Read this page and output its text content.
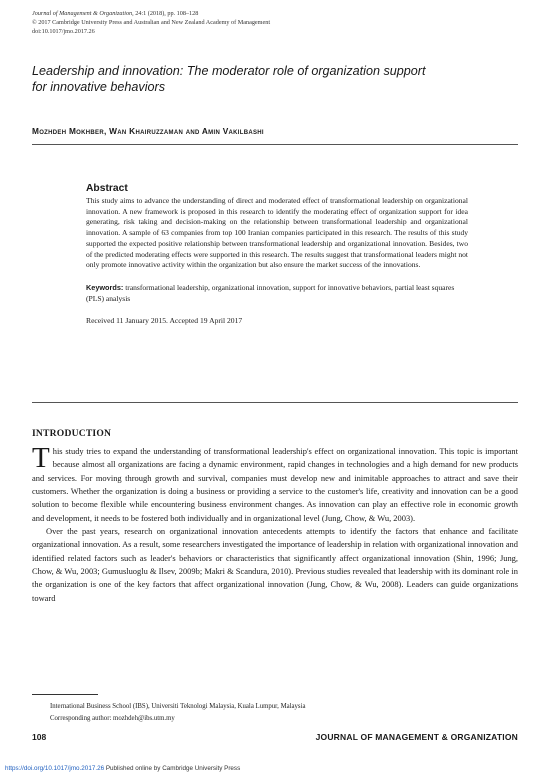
Journal of Management & Organization, 24:1 (2018), pp. 108–128
© 2017 Cambridge University Press and Australian and New Zealand Academy of Management
doi:10.1017/jmo.2017.26
Leadership and innovation: The moderator role of organization support
for innovative behaviors
Mozhdeh Mokhber, Wan Khairuzzaman and Amin Vakilbashi
Abstract
This study aims to advance the understanding of direct and moderated effect of transformational leadership on organizational innovation. A new framework is proposed in this research to identify the moderating effect of organization support for idea generating, risk taking and decision-making on the relationship between transformational leadership and organizational innovation. A sample of 63 companies from top 100 Iranian companies participated in this research. The results of this study supported the expected positive relationship between transformational leadership and organizational innovation. Besides, two of the predicted moderating effects were supported in this research. The results suggest that transformational leaders might not only promote innovative activity within the organization but also ensure the market success of the innovations.
Keywords: transformational leadership, organizational innovation, support for innovative behaviors, partial least squares (PLS) analysis
Received 11 January 2015. Accepted 19 April 2017
INTRODUCTION

This study tries to expand the understanding of transformational leadership's effect on organizational innovation. This topic is important because almost all organizations are facing a dynamic environment, rapid changes in technologies and a high demand for new products and services. For moving through growth and survival, companies must develop new and inimitable approaches to attract and save their customers. Whether the organization is doing a business or providing a service to the customer's life, creativity and innovation can be a good solution to become flexible while encountering business environment changes. As innovation can play an effective role in economic growth and development, it needs to be fostered both individually and in organizational level (Jung, Chow, & Wu, 2003).

Over the past years, research on organizational innovation antecedents attempts to identify the factors that enhance and facilitate organizational innovation. As a result, some researchers investigated the importance of leadership in relation with organizational innovation and identified related factors such as leader's behaviors or characteristics that significantly affect organizational innovation (Shin, 1996; Jung, Chow, & Wu, 2003; Gumusluoglu & Ilsev, 2009b; Makri & Scandura, 2010). Previous studies revealed that leadership with its dominant role in the organization is one of the key factors that affect organizational innovation (Jung, Chow, & Wu, 2008). Leaders can guide organizations toward

International Business School (IBS), Universiti Teknologi Malaysia, Kuala Lumpur, Malaysia
Corresponding author: mozhdeh@ibs.utm.my
108	JOURNAL OF MANAGEMENT & ORGANIZATION
https://doi.org/10.1017/jmo.2017.26 Published online by Cambridge University Press
